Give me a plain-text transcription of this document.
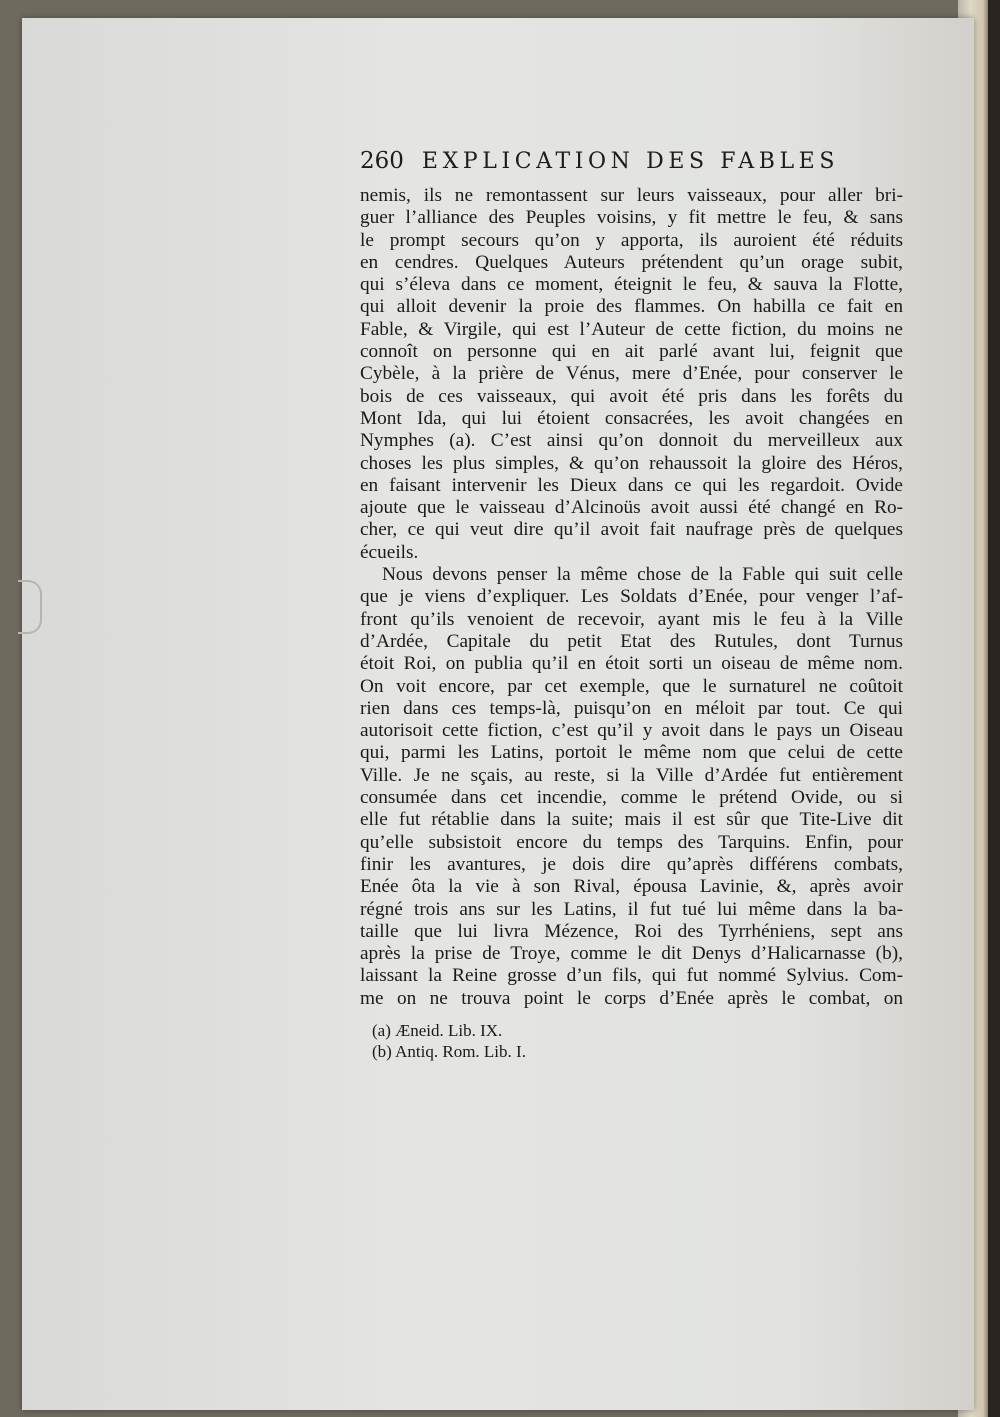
260 EXPLICATION DES FABLES
nemis, ils ne remontassent sur leurs vaisseaux, pour aller bri-
guer l’alliance des Peuples voisins, y fit mettre le feu, & sans
le prompt secours qu’on y apporta, ils auroient été réduits
en cendres. Quelques Auteurs prétendent qu’un orage subit,
qui s’éleva dans ce moment, éteignit le feu, & sauva la Flotte,
qui alloit devenir la proie des flammes. On habilla ce fait en
Fable, & Virgile, qui est l’Auteur de cette fiction, du moins ne
connoît on personne qui en ait parlé avant lui, feignit que
Cybèle, à la prière de Vénus, mere d’Enée, pour conserver le
bois de ces vaisseaux, qui avoit été pris dans les forêts du
Mont Ida, qui lui étoient consacrées, les avoit changées en
Nymphes (a). C’est ainsi qu’on donnoit du merveilleux aux
choses les plus simples, & qu’on rehaussoit la gloire des Héros,
en faisant intervenir les Dieux dans ce qui les regardoit. Ovide
ajoute que le vaisseau d’Alcinoüs avoit aussi été changé en Ro-
cher, ce qui veut dire qu’il avoit fait naufrage près de quelques
écueils.
Nous devons penser la même chose de la Fable qui suit celle
que je viens d’expliquer. Les Soldats d’Enée, pour venger l’af-
front qu’ils venoient de recevoir, ayant mis le feu à la Ville
d’Ardée, Capitale du petit Etat des Rutules, dont Turnus
étoit Roi, on publia qu’il en étoit sorti un oiseau de même nom.
On voit encore, par cet exemple, que le surnaturel ne coûtoit
rien dans ces temps-là, puisqu’on en méloit par tout. Ce qui
autorisoit cette fiction, c’est qu’il y avoit dans le pays un Oiseau
qui, parmi les Latins, portoit le même nom que celui de cette
Ville. Je ne sçais, au reste, si la Ville d’Ardée fut entièrement
consumée dans cet incendie, comme le prétend Ovide, ou si
elle fut rétablie dans la suite; mais il est sûr que Tite-Live dit
qu’elle subsistoit encore du temps des Tarquins. Enfin, pour
finir les avantures, je dois dire qu’après différens combats,
Enée ôta la vie à son Rival, épousa Lavinie, &, après avoir
régné trois ans sur les Latins, il fut tué lui même dans la ba-
taille que lui livra Mézence, Roi des Tyrrhéniens, sept ans
après la prise de Troye, comme le dit Denys d’Halicarnasse (b),
laissant la Reine grosse d’un fils, qui fut nommé Sylvius. Com-
me on ne trouva point le corps d’Enée après le combat, on
(a) Æneid. Lib. IX.
(b) Antiq. Rom. Lib. I.
